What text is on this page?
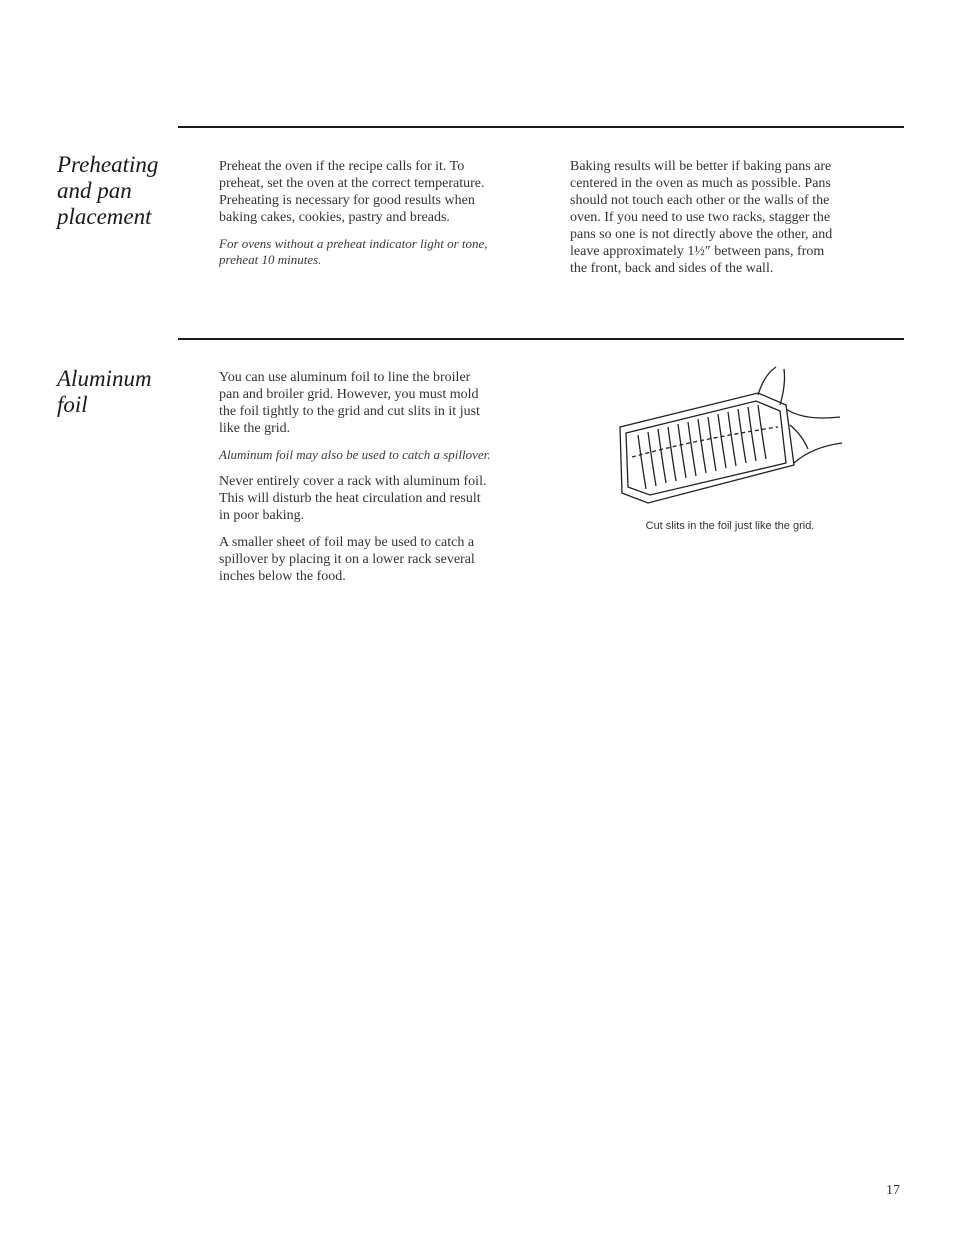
Preheating
and pan
placement

Preheat the oven if the recipe calls for it. To
preheat, set the oven at the correct temperature.
Preheating is necessary for good results when
baking cakes, cookies, pastry and breads.

For ovens without a preheat indicator light or tone,
preheat 10 minutes.

Baking results will be better if baking pans are
centered in the oven as much as possible. Pans
should not touch each other or the walls of the
oven. If you need to use two racks, stagger the
pans so one is not directly above the other, and
leave approximately 1½″ between pans, from
the front, back and sides of the wall.

Aluminum
foil

You can use aluminum foil to line the broiler
pan and broiler grid. However, you must mold
the foil tightly to the grid and cut slits in it just
like the grid.

Aluminum foil may also be used to catch a spillover.

Never entirely cover a rack with aluminum foil.
This will disturb the heat circulation and result
in poor baking.

A smaller sheet of foil may be used to catch a
spillover by placing it on a lower rack several
inches below the food.

Cut slits in the foil just like the grid.
17
